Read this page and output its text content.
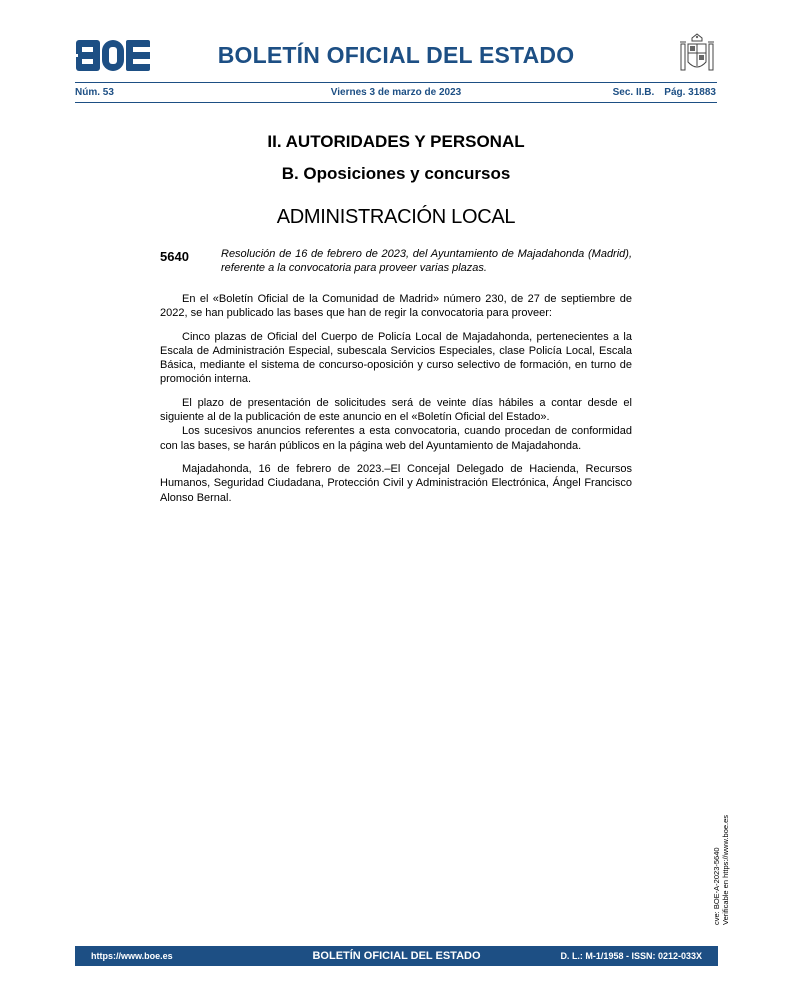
BOLETÍN OFICIAL DEL ESTADO
Núm. 53	Viernes 3 de marzo de 2023	Sec. II.B. Pág. 31883
II. AUTORIDADES Y PERSONAL
B. Oposiciones y concursos
ADMINISTRACIÓN LOCAL
5640	Resolución de 16 de febrero de 2023, del Ayuntamiento de Majadahonda (Madrid), referente a la convocatoria para proveer varias plazas.

En el «Boletín Oficial de la Comunidad de Madrid» número 230, de 27 de septiembre de 2022, se han publicado las bases que han de regir la convocatoria para proveer:

Cinco plazas de Oficial del Cuerpo de Policía Local de Majadahonda, pertenecientes a la Escala de Administración Especial, subescala Servicios Especiales, clase Policía Local, Escala Básica, mediante el sistema de concurso-oposición y curso selectivo de formación, en turno de promoción interna.

El plazo de presentación de solicitudes será de veinte días hábiles a contar desde el siguiente al de la publicación de este anuncio en el «Boletín Oficial del Estado».

Los sucesivos anuncios referentes a esta convocatoria, cuando procedan de conformidad con las bases, se harán públicos en la página web del Ayuntamiento de Majadahonda.

Majadahonda, 16 de febrero de 2023.–El Concejal Delegado de Hacienda, Recursos Humanos, Seguridad Ciudadana, Protección Civil y Administración Electrónica, Ángel Francisco Alonso Bernal.

cve: BOE-A-2023-5640 Verificable en https://www.boe.es
https://www.boe.es	BOLETÍN OFICIAL DEL ESTADO	D. L.: M-1/1958 - ISSN: 0212-033X
